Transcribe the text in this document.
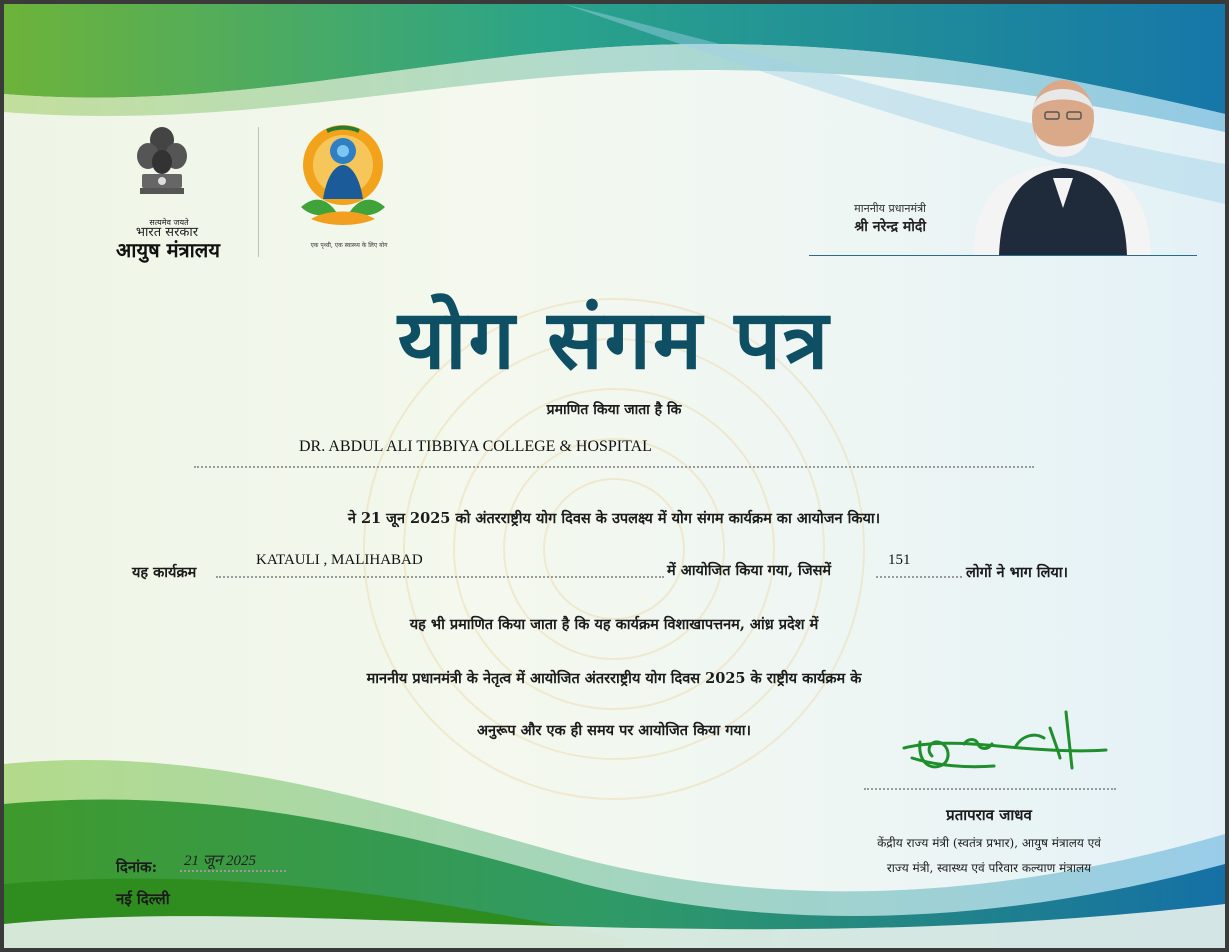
सत्यमेव जयते
भारत सरकार
आयुष मंत्रालय	एक पृथ्वी, एक स्वास्थ्य के लिए योग
माननीय प्रधानमंत्री
श्री नरेन्द्र मोदी
योग संगम पत्र
प्रमाणित किया जाता है कि
DR. ABDUL ALI TIBBIYA COLLEGE & HOSPITAL
ने 21 जून 2025 को अंतरराष्ट्रीय योग दिवस के उपलक्ष्य में योग संगम कार्यक्रम का आयोजन किया।
यह कार्यक्रम
KATAULI , MALIHABAD
में आयोजित किया गया, जिसमें
151
लोगों ने भाग लिया।
यह भी प्रमाणित किया जाता है कि यह कार्यक्रम विशाखापत्तनम, आंध्र प्रदेश में
माननीय प्रधानमंत्री के नेतृत्व में आयोजित अंतरराष्ट्रीय योग दिवस 2025 के राष्ट्रीय कार्यक्रम के
अनुरूप और एक ही समय पर आयोजित किया गया।
प्रतापराव जाधव
केंद्रीय राज्य मंत्री (स्वतंत्र प्रभार), आयुष मंत्रालय एवं
राज्य मंत्री, स्वास्थ्य एवं परिवार कल्याण मंत्रालय
दिनांक: 21 जून 2025
नई दिल्ली
